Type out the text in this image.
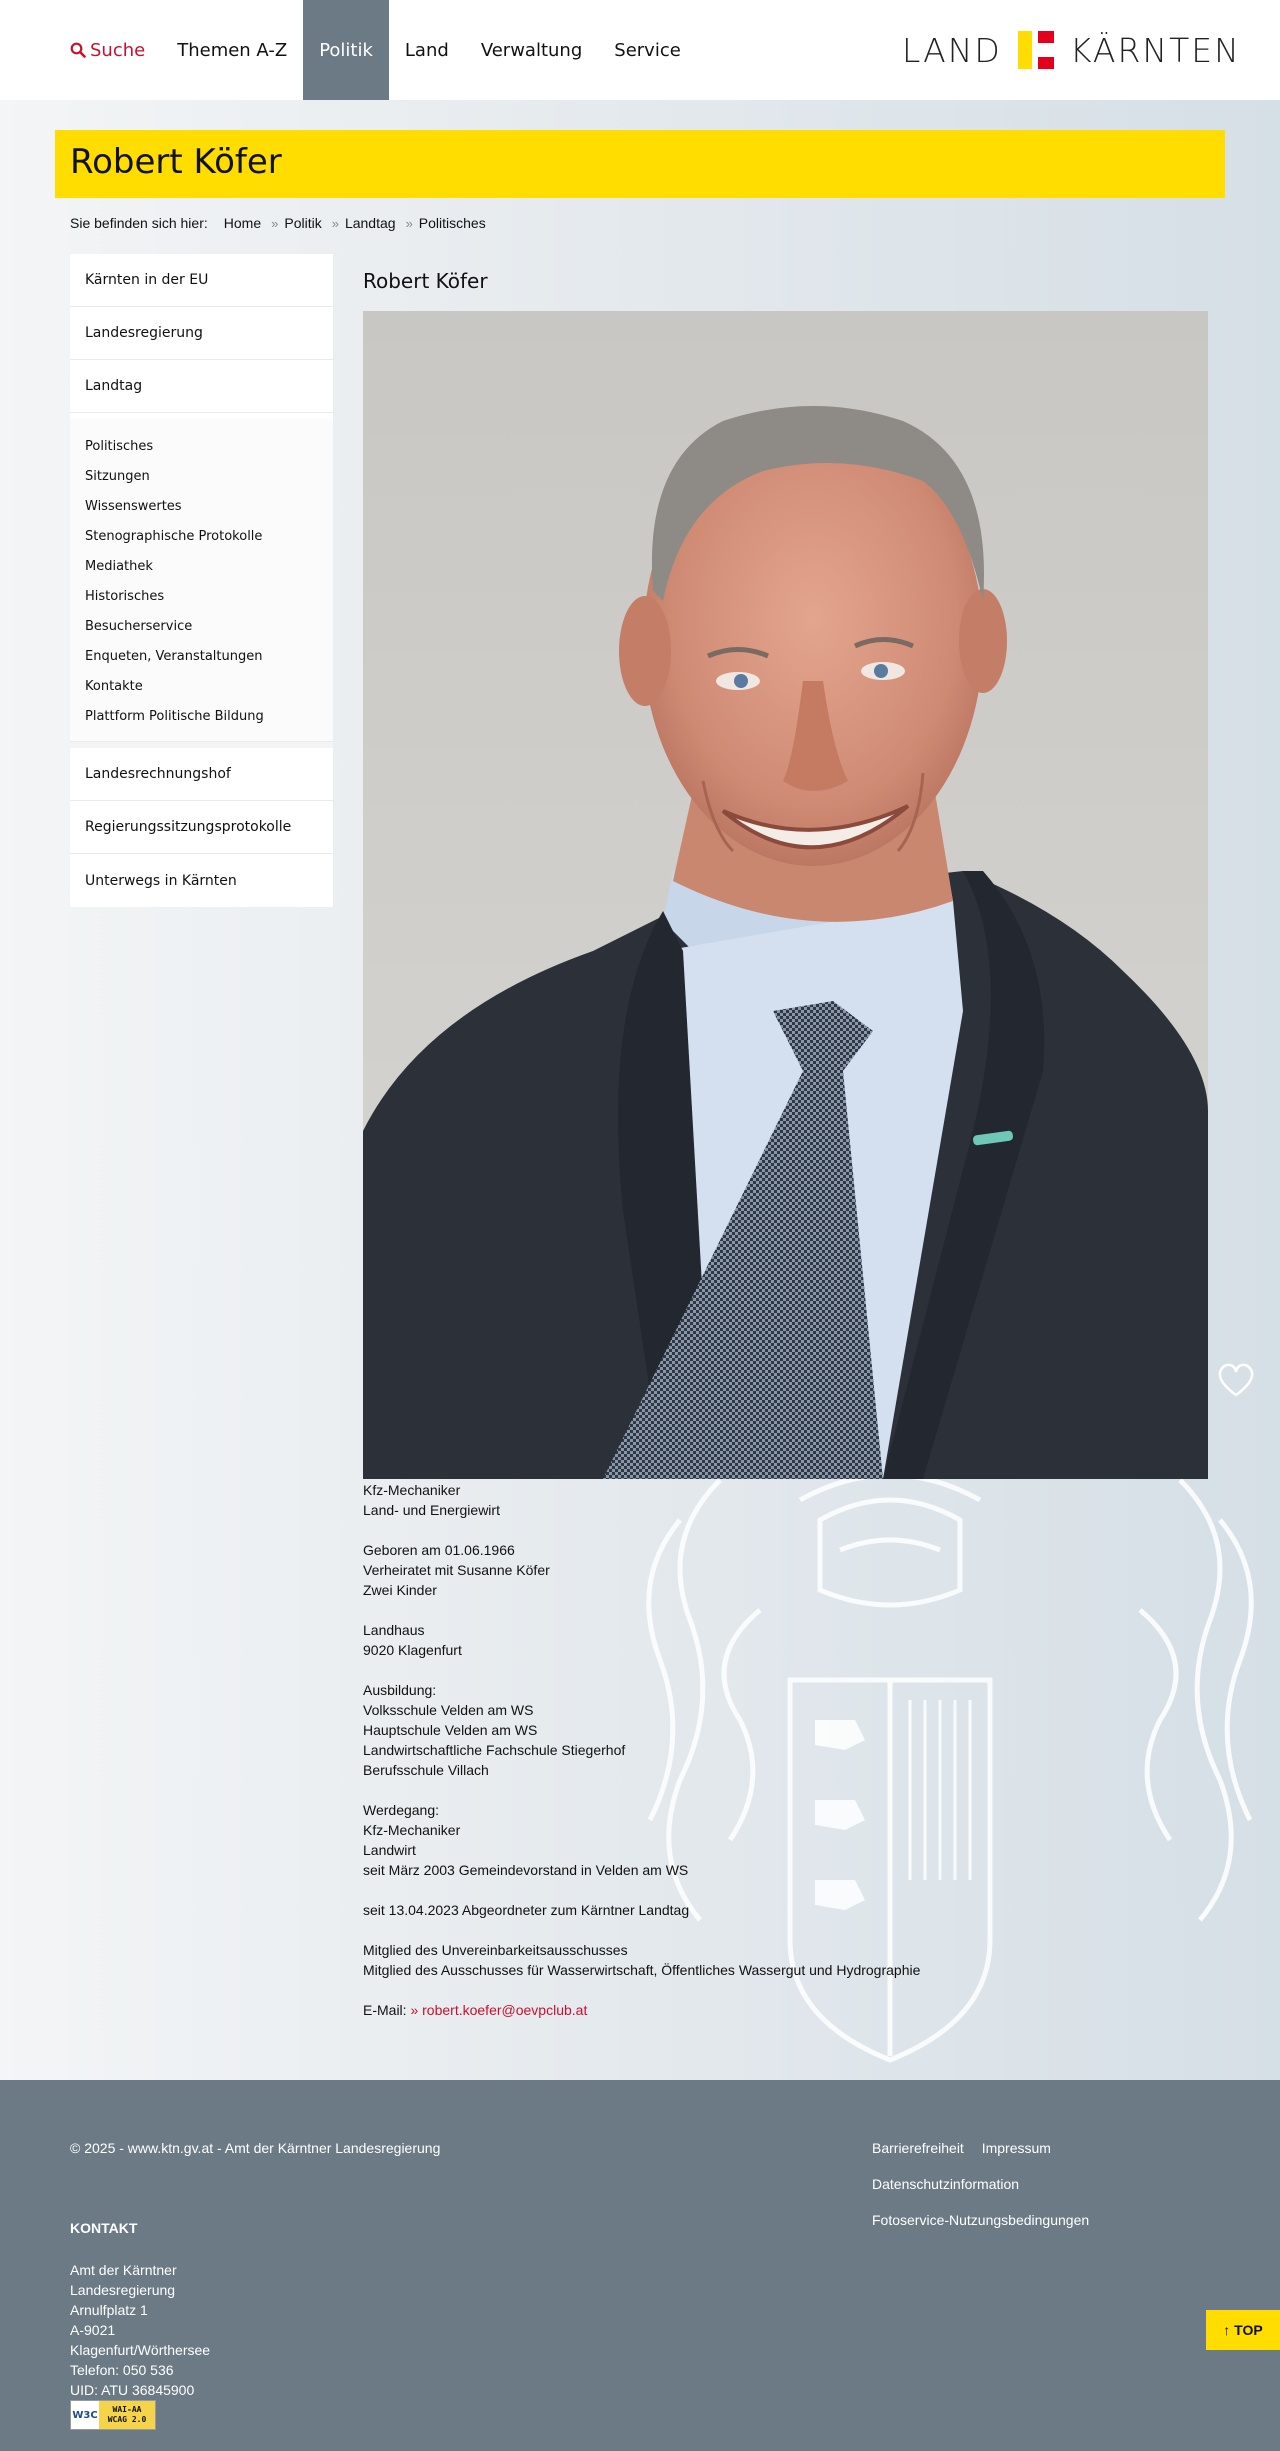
Suche	Themen A-Z	Politik	Land	Verwaltung	Service	LAND KÄRNTEN
Robert Köfer
Sie befinden sich hier: Home » Politik » Landtag » Politisches
Kärnten in der EU
Landesregierung
Landtag
Politisches
Sitzungen
Wissenswertes
Stenographische Protokolle
Mediathek
Historisches
Besucherservice
Enqueten, Veranstaltungen
Kontakte
Plattform Politische Bildung
Landesrechnungshof
Regierungssitzungsprotokolle
Unterwegs in Kärnten
Robert Köfer
Kfz-Mechaniker
Land- und Energiewirt
Geboren am 01.06.1966
Verheiratet mit Susanne Köfer
Zwei Kinder
Landhaus
9020 Klagenfurt
Ausbildung:
Volksschule Velden am WS
Hauptschule Velden am WS
Landwirtschaftliche Fachschule Stiegerhof
Berufsschule Villach
Werdegang:
Kfz-Mechaniker
Landwirt
seit März 2003 Gemeindevorstand in Velden am WS
seit 13.04.2023 Abgeordneter zum Kärntner Landtag
Mitglied des Unvereinbarkeitsausschusses
Mitglied des Ausschusses für Wasserwirtschaft, Öffentliches Wassergut und Hydrographie
E-Mail: » robert.koefer@oevpclub.at
© 2025 - www.ktn.gv.at - Amt der Kärntner Landesregierung	Barrierefreiheit Impressum Datenschutzinformation Fotoservice-Nutzungsbedingungen
KONTAKT
Amt der Kärntner
Landesregierung
Arnulfplatz 1
A-9021
Klagenfurt/Wörthersee
Telefon: 050 536
UID: ATU 36845900
W3C WAI-AA
WCAG 2.0
↑ TOP
